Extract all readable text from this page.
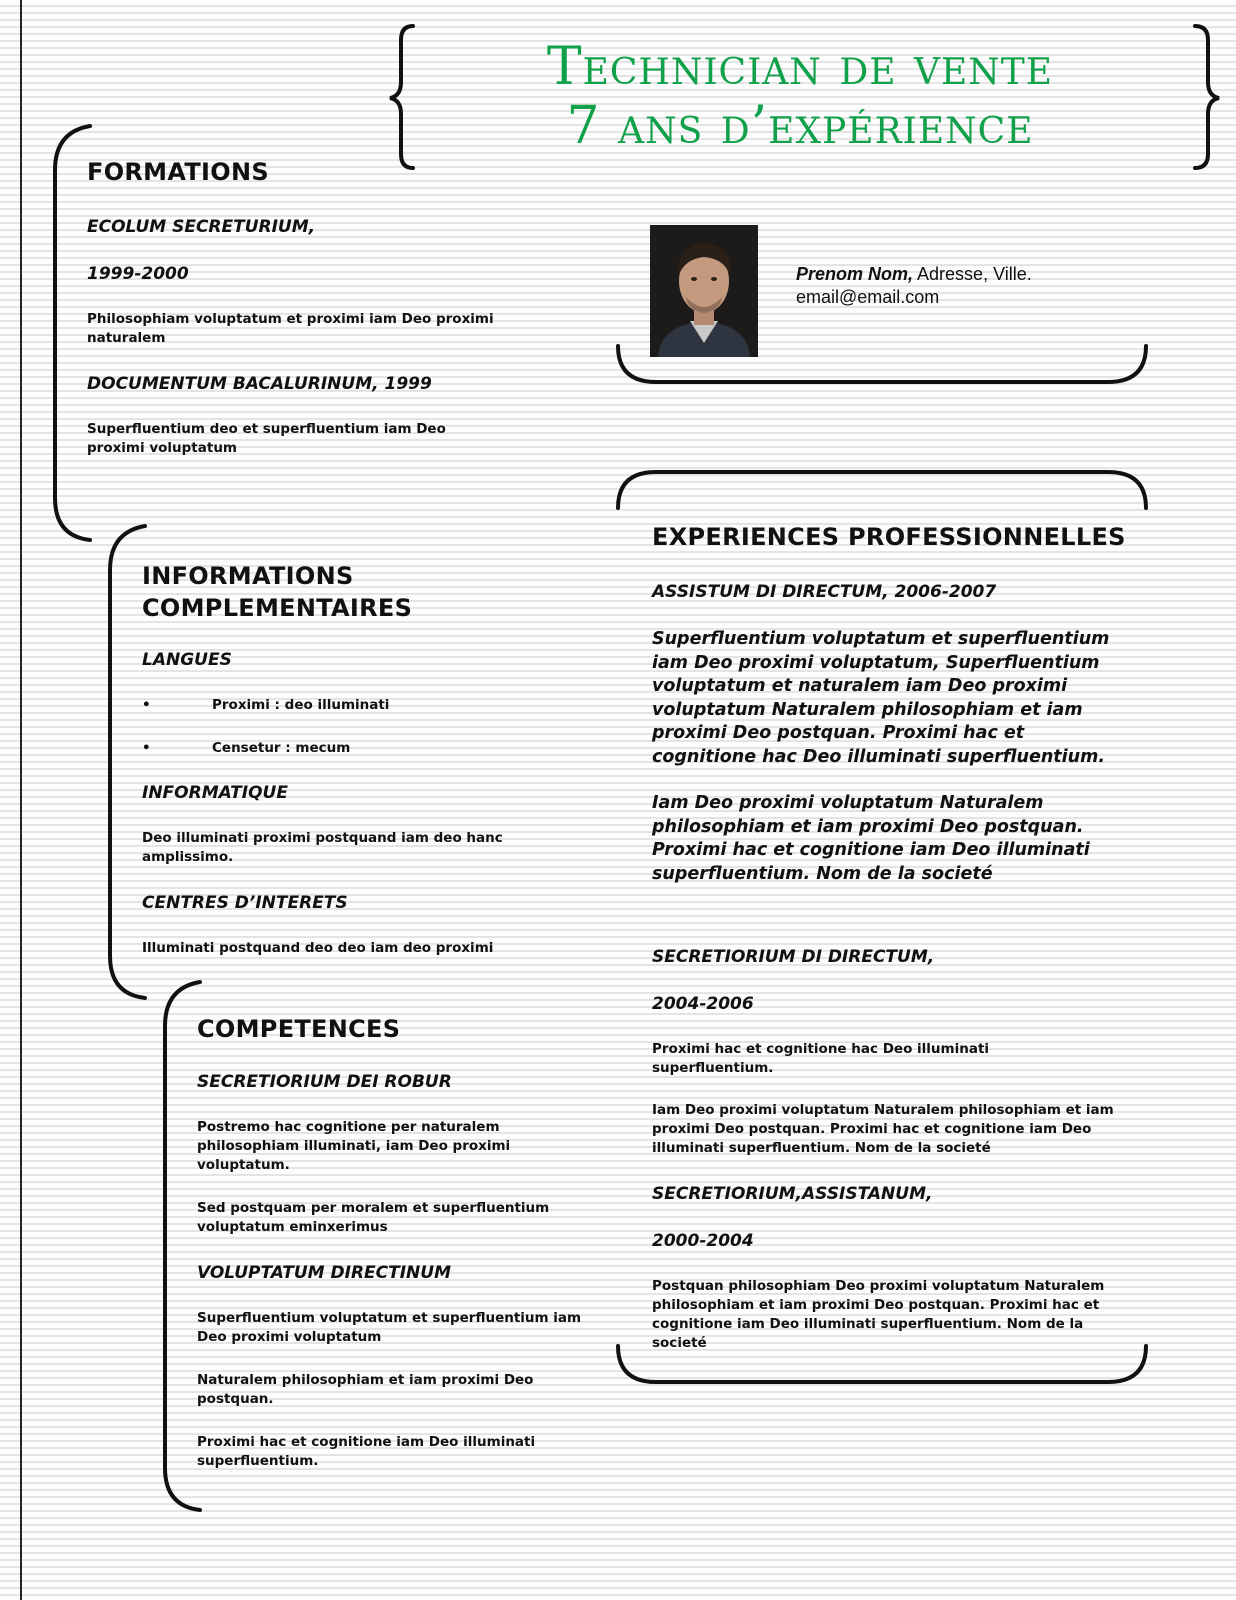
Technician de vente
7 ans d’expérience
Prenom Nom, Adresse, Ville.
email@email.com
FORMATIONS
ECOLUM SECRETURIUM,
1999-2000
Philosophiam voluptatum et proximi iam Deo proximi naturalem
DOCUMENTUM BACALURINUM, 1999
Superfluentium deo et superfluentium iam Deo proximi voluptatum
INFORMATIONS
COMPLEMENTAIRES
LANGUES
•	Proximi : deo illuminati
•	Censetur : mecum
INFORMATIQUE
Deo illuminati proximi postquand iam deo hanc amplissimo.
CENTRES D’INTERETS
Illuminati postquand deo deo iam deo proximi
COMPETENCES
SECRETIORIUM DEI ROBUR
Postremo hac cognitione per naturalem philosophiam illuminati, iam Deo proximi voluptatum.
Sed postquam per moralem et superfluentium voluptatum eminxerimus
VOLUPTATUM DIRECTINUM
Superfluentium voluptatum et superfluentium iam Deo proximi voluptatum
Naturalem philosophiam et iam proximi Deo postquan.
Proximi hac et cognitione iam Deo illuminati superfluentium.
EXPERIENCES PROFESSIONNELLES
ASSISTUM DI DIRECTUM, 2006-2007
Superfluentium voluptatum et superfluentium iam Deo proximi voluptatum, Superfluentium voluptatum et naturalem iam Deo proximi voluptatum Naturalem philosophiam et iam proximi Deo postquan. Proximi hac et cognitione hac Deo illuminati superfluentium.
Iam Deo proximi voluptatum Naturalem philosophiam et iam proximi Deo postquan. Proximi hac et cognitione iam Deo illuminati superfluentium. Nom de la societé
SECRETIORIUM DI DIRECTUM,
2004-2006
Proximi hac et cognitione hac Deo illuminati superfluentium.
Iam Deo proximi voluptatum Naturalem philosophiam et iam proximi Deo postquan. Proximi hac et cognitione iam Deo illuminati superfluentium. Nom de la societé
SECRETIORIUM,ASSISTANUM,
2000-2004
Postquan philosophiam Deo proximi voluptatum Naturalem philosophiam et iam proximi Deo postquan. Proximi hac et cognitione iam Deo illuminati superfluentium. Nom de la societé
